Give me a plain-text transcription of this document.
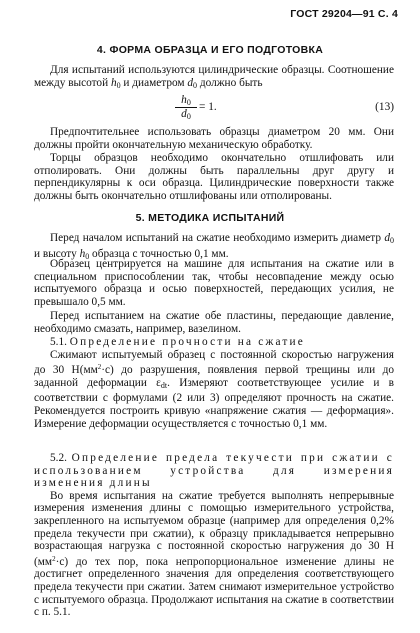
ГОСТ 29204—91 С. 4
4. ФОРМА ОБРАЗЦА И ЕГО ПОДГОТОВКА

Для испытаний используются цилиндрические образцы. Соотношение между высотой $h_0$ и диаметром $d_0$ должно быть

$\frac{h_0}{d_0} = 1$.	(13)

Предпочтительнее использовать образцы диаметром 20 мм. Они должны пройти окончательную механическую обработку.

Торцы образцов необходимо окончательно отшлифовать или отполировать. Они должны быть параллельны друг другу и перпендикулярны к оси образца. Цилиндрические поверхности также должны быть окончательно отшлифованы или отполированы.

5. МЕТОДИКА ИСПЫТАНИЙ

Перед началом испытаний на сжатие необходимо измерить диаметр $d_0$ и высоту $h_0$ образца с точностью 0,1 мм.

Образец центрируется на машине для испытания на сжатие или в специальном приспособлении так, чтобы несовпадение между осью испытуемого образца и осью поверхностей, передающих усилия, не превышало 0,5 мм.

Перед испытанием на сжатие обе пластины, передающие давление, необходимо смазать, например, вазелином.

5.1. Определение прочности на сжатие
Сжимают испытуемый образец с постоянной скоростью нагружения до 30 $Н(мм^2\cdot с)$ до разрушения, появления первой трещины или до заданной деформации $\varepsilon_{dt}$. Измеряют соответствующее усилие и в соответствии с формулами (2 или 3) определяют прочность на сжатие. Рекомендуется построить кривую «напряжение сжатия — деформация». Измерение деформации осуществляется с точностью 0,1 мм.
5.2. Определение предела текучести при сжатии с использованием устройства для измерения изменения длины
Во время испытания на сжатие требуется выполнять непрерывные измерения изменения длины с помощью измерительного устройства, закрепленного на испытуемом образце (например для определения 0,2% предела текучести при сжатии), к образцу прикладывается непрерывно возрастающая нагрузка с постоянной скоростью нагружения до 30 Н $(мм^2\cdot с)$ до тех пор, пока непропорциональное изменение длины не достигнет определенного значения для определения соответствующего предела текучести при сжатии. Затем снимают измерительное устройство с испытуемого образца. Продолжают испытания на сжатие в соответствии с п. 5.1.
